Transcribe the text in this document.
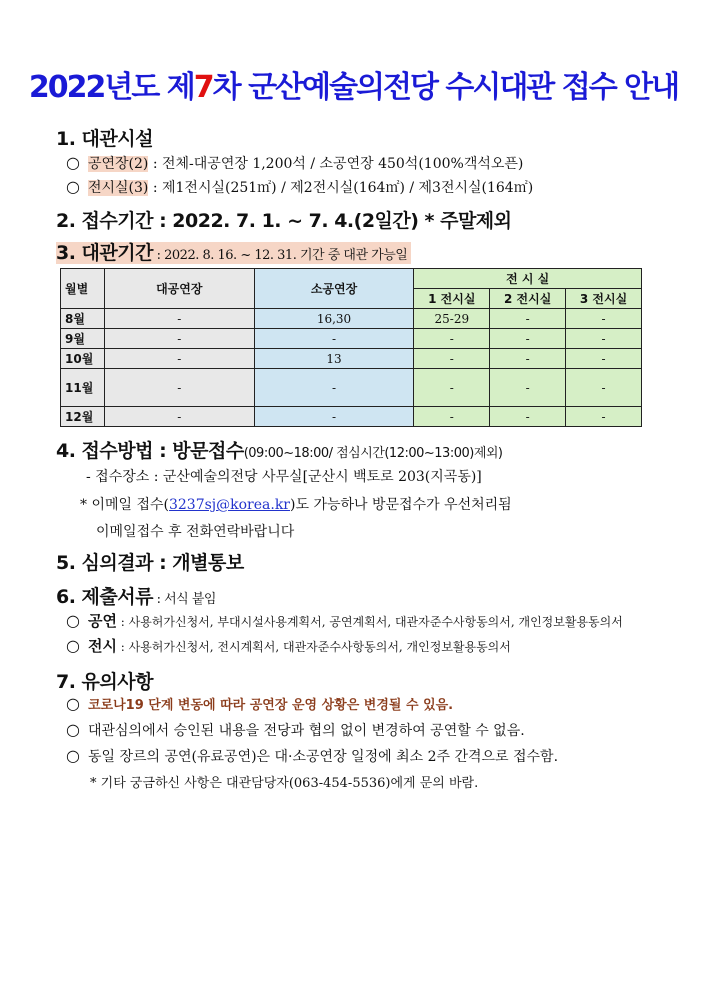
2022년도 제7차 군산예술의전당 수시대관 접수 안내
1. 대관시설
○ 공연장(2) : 전체-대공연장 1,200석 / 소공연장 450석(100%객석오픈)
○ 전시실(3) : 제1전시실(251㎡) / 제2전시실(164㎡) / 제3전시실(164㎡)
2. 접수기간 : 2022. 7. 1. ~ 7. 4.(2일간) * 주말제외
3. 대관기간 : 2022. 8. 16. ~ 12. 31. 기간 중 대관 가능일
월별	대공연장	소공연장	전 시 실		
			1 전시실	2 전시실	3 전시실
8월	-	16,30	25-29	-	-
9월	-	-	-	-	-
10월	-	13	-	-	-
11월	-	-	-	-	-
12월	-	-	-	-	-
4. 접수방법 : 방문접수(09:00~18:00/ 점심시간(12:00~13:00)제외)
- 접수장소 : 군산예술의전당 사무실[군산시 백토로 203(지곡동)]
* 이메일 접수(3237sj@korea.kr)도 가능하나 방문접수가 우선처리됨
이메일접수 후 전화연락바랍니다
5. 심의결과 : 개별통보
6. 제출서류 : 서식 붙임
○ 공연 : 사용허가신청서, 부대시설사용계획서, 공연계획서, 대관자준수사항동의서, 개인정보활용동의서
○ 전시 : 사용허가신청서, 전시계획서, 대관자준수사항동의서, 개인정보활용동의서
7. 유의사항
○ 코로나19 단계 변동에 따라 공연장 운영 상황은 변경될 수 있음.
○ 대관심의에서 승인된 내용을 전당과 협의 없이 변경하여 공연할 수 없음.
○ 동일 장르의 공연(유료공연)은 대·소공연장 일정에 최소 2주 간격으로 접수함.
* 기타 궁금하신 사항은 대관담당자(063-454-5536)에게 문의 바람.
